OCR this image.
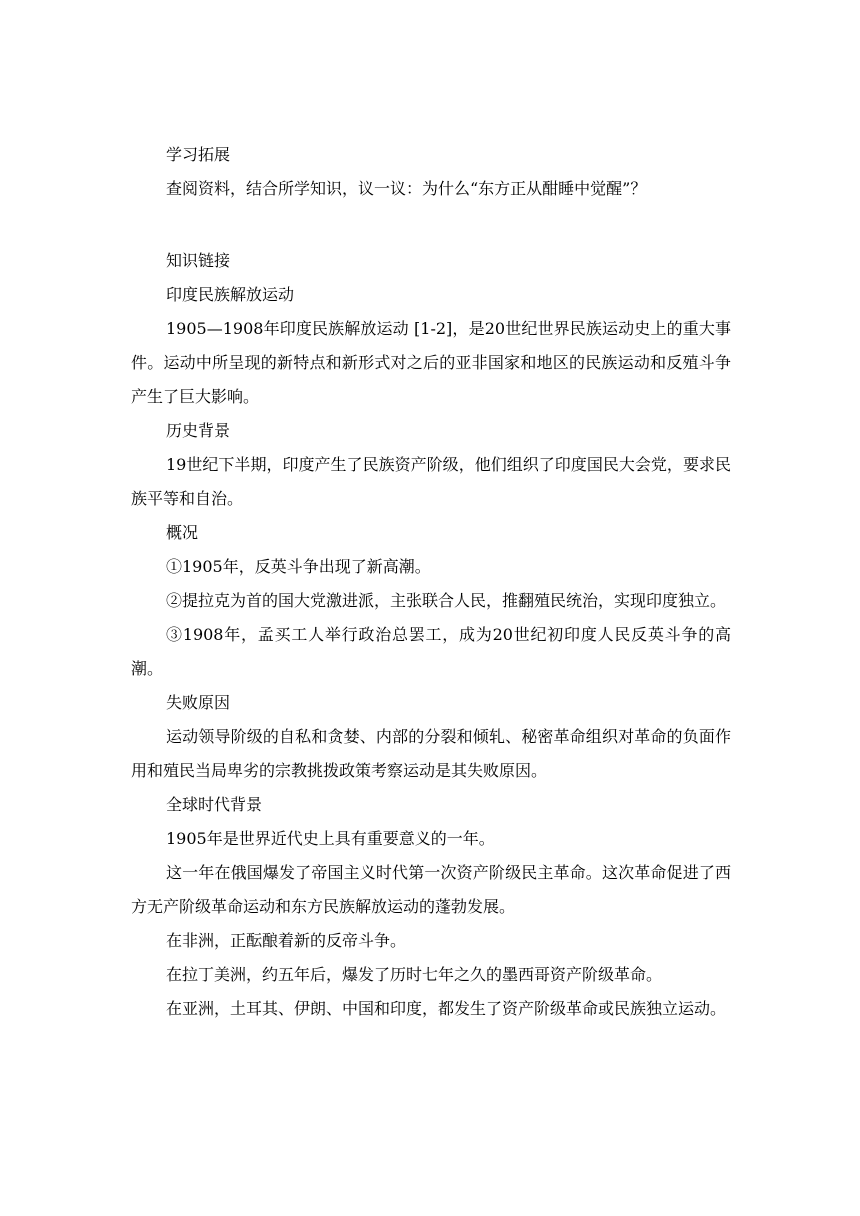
学习拓展

查阅资料，结合所学知识，议一议：为什么“东方正从酣睡中觉醒”？

知识链接

印度民族解放运动

1905—1908年印度民族解放运动 [1-2]，是20世纪世界民族运动史上的重大事件。运动中所呈现的新特点和新形式对之后的亚非国家和地区的民族运动和反殖斗争产生了巨大影响。

历史背景

19世纪下半期，印度产生了民族资产阶级，他们组织了印度国民大会党，要求民族平等和自治。

概况

①1905年，反英斗争出现了新高潮。

②提拉克为首的国大党激进派，主张联合人民，推翻殖民统治，实现印度独立。

③1908年，孟买工人举行政治总罢工，成为20世纪初印度人民反英斗争的高潮。

失败原因

运动领导阶级的自私和贪婪、内部的分裂和倾轧、秘密革命组织对革命的负面作用和殖民当局卑劣的宗教挑拨政策考察运动是其失败原因。

全球时代背景

1905年是世界近代史上具有重要意义的一年。

这一年在俄国爆发了帝国主义时代第一次资产阶级民主革命。这次革命促进了西方无产阶级革命运动和东方民族解放运动的蓬勃发展。

在非洲，正酝酿着新的反帝斗争。

在拉丁美洲，约五年后，爆发了历时七年之久的墨西哥资产阶级革命。

在亚洲，土耳其、伊朗、中国和印度，都发生了资产阶级革命或民族独立运动。
